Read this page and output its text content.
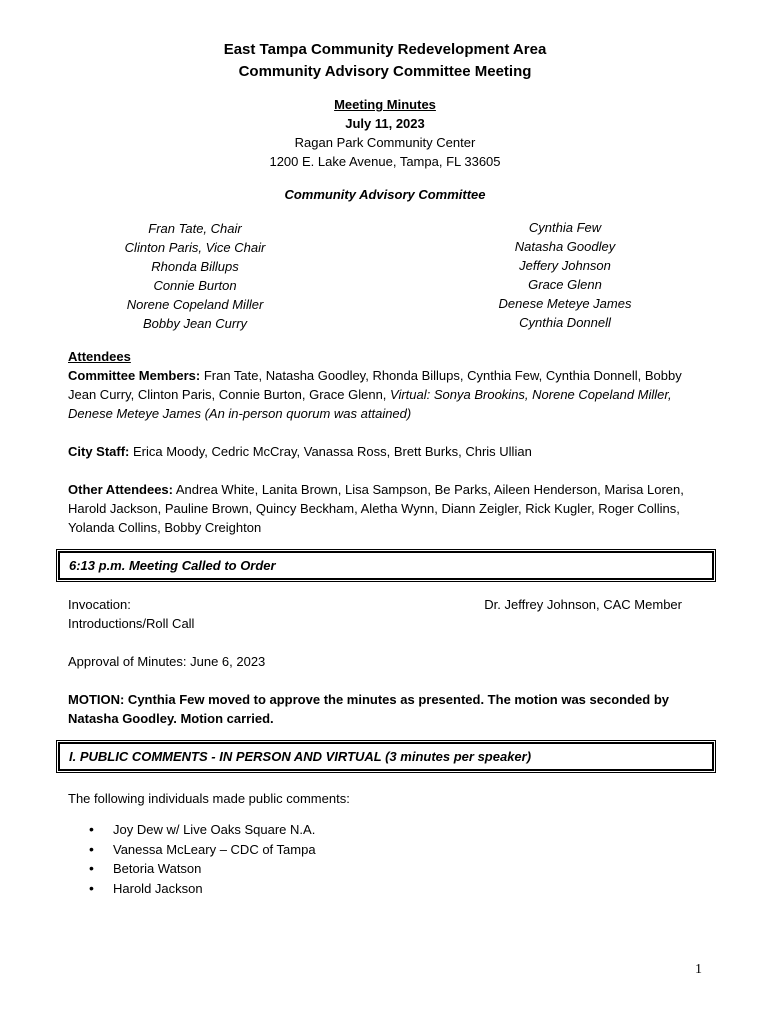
East Tampa Community Redevelopment Area
Community Advisory Committee Meeting
Meeting Minutes
July 11, 2023
Ragan Park Community Center
1200 E. Lake Avenue, Tampa, FL 33605
Community Advisory Committee
Fran Tate, Chair
Clinton Paris, Vice Chair
Rhonda Billups
Connie Burton
Norene Copeland Miller
Bobby Jean Curry
Cynthia Few
Natasha Goodley
Jeffery Johnson
Grace Glenn
Denese Meteye James
Cynthia Donnell
Attendees
Committee Members: Fran Tate, Natasha Goodley, Rhonda Billups, Cynthia Few, Cynthia Donnell, Bobby Jean Curry, Clinton Paris, Connie Burton, Grace Glenn, Virtual: Sonya Brookins, Norene Copeland Miller, Denese Meteye James (An in-person quorum was attained)
City Staff: Erica Moody, Cedric McCray, Vanassa Ross, Brett Burks, Chris Ullian
Other Attendees: Andrea White, Lanita Brown, Lisa Sampson, Be Parks, Aileen Henderson, Marisa Loren, Harold Jackson, Pauline Brown, Quincy Beckham, Aletha Wynn, Diann Zeigler, Rick Kugler, Roger Collins, Yolanda Collins, Bobby Creighton
6:13 p.m. Meeting Called to Order
Invocation:	Dr. Jeffrey Johnson, CAC Member
Introductions/Roll Call
Approval of Minutes: June 6, 2023
MOTION: Cynthia Few moved to approve the minutes as presented. The motion was seconded by Natasha Goodley. Motion carried.
I. PUBLIC COMMENTS - IN PERSON AND VIRTUAL (3 minutes per speaker)
The following individuals made public comments:
• Joy Dew w/ Live Oaks Square N.A.
• Vanessa McLeary – CDC of Tampa
• Betoria Watson
• Harold Jackson
1
